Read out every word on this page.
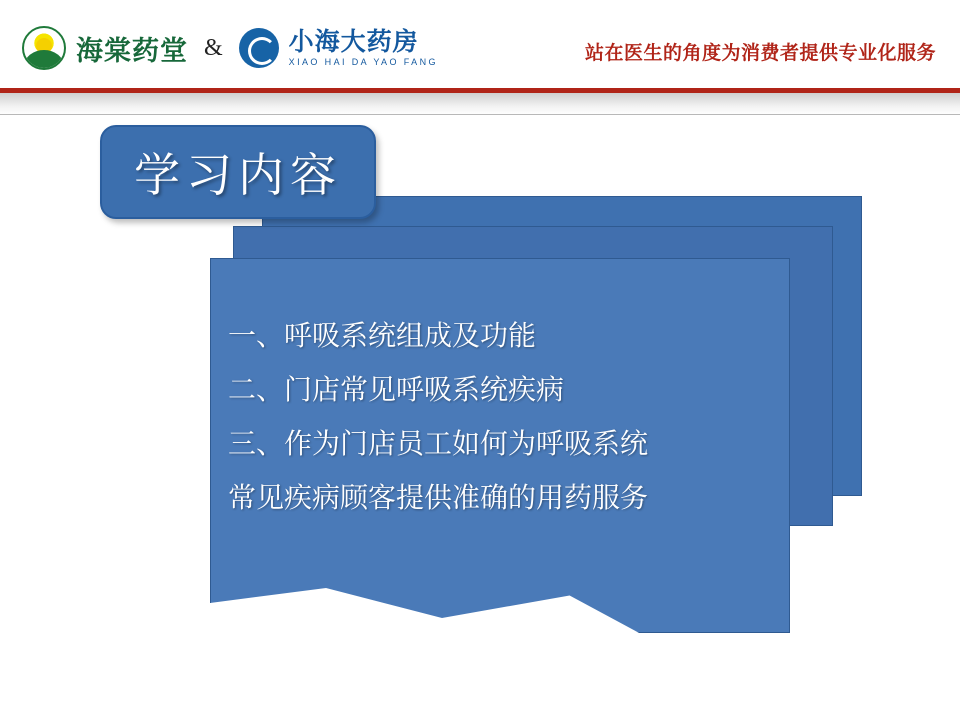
海棠药堂 &	小海大药房
XIAO HAI DA YAO FANG	站在医生的角度为消费者提供专业化服务
一、呼吸系统组成及功能
二、门店常见呼吸系统疾病
三、作为门店员工如何为呼吸系统
常见疾病顾客提供准确的用药服务
学习内容
